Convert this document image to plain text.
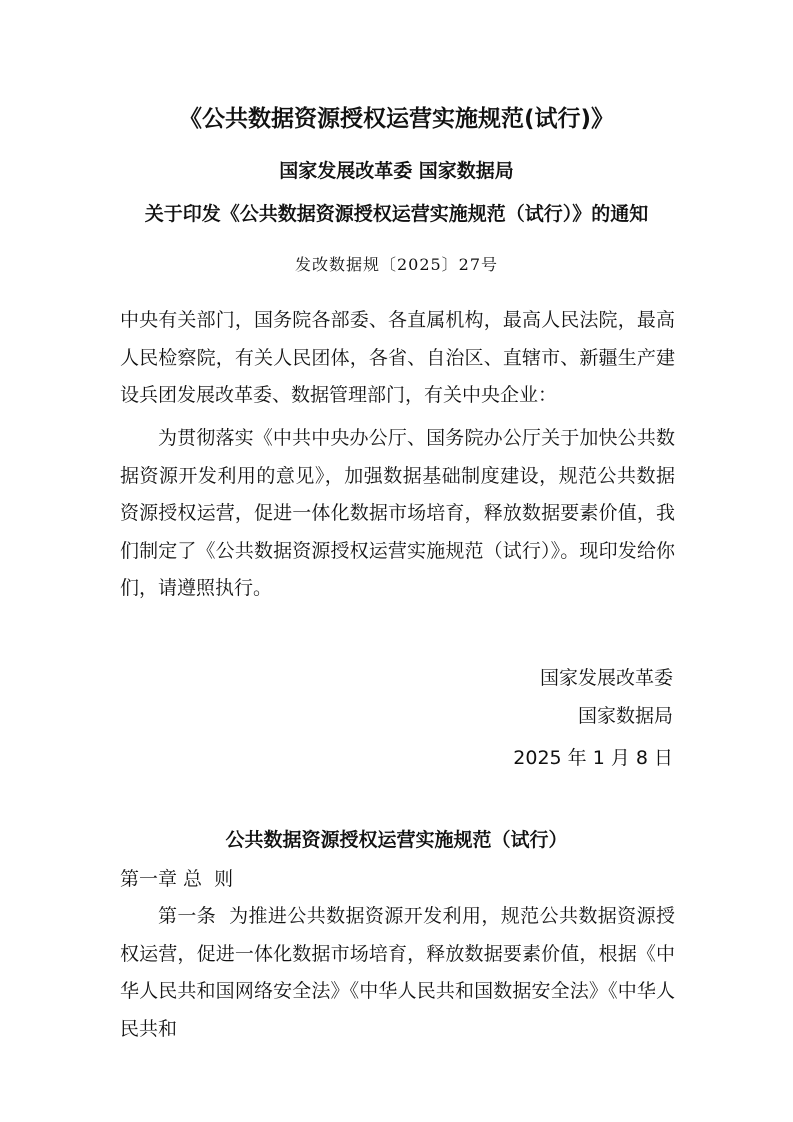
《公共数据资源授权运营实施规范(试行)》
国家发展改革委 国家数据局
关于印发《公共数据资源授权运营实施规范（试行）》的通知
发改数据规〔2025〕27号
中央有关部门，国务院各部委、各直属机构，最高人民法院，最高人民检察院，有关人民团体，各省、自治区、直辖市、新疆生产建设兵团发展改革委、数据管理部门，有关中央企业：
为贯彻落实《中共中央办公厅、国务院办公厅关于加快公共数据资源开发利用的意见》，加强数据基础制度建设，规范公共数据资源授权运营，促进一体化数据市场培育，释放数据要素价值，我们制定了《公共数据资源授权运营实施规范（试行）》。现印发给你们，请遵照执行。
国家发展改革委
国家数据局
2025 年 1 月 8 日
公共数据资源授权运营实施规范（试行）
第一章 总  则
第一条  为推进公共数据资源开发利用，规范公共数据资源授权运营，促进一体化数据市场培育，释放数据要素价值，根据《中华人民共和国网络安全法》《中华人民共和国数据安全法》《中华人民共和
